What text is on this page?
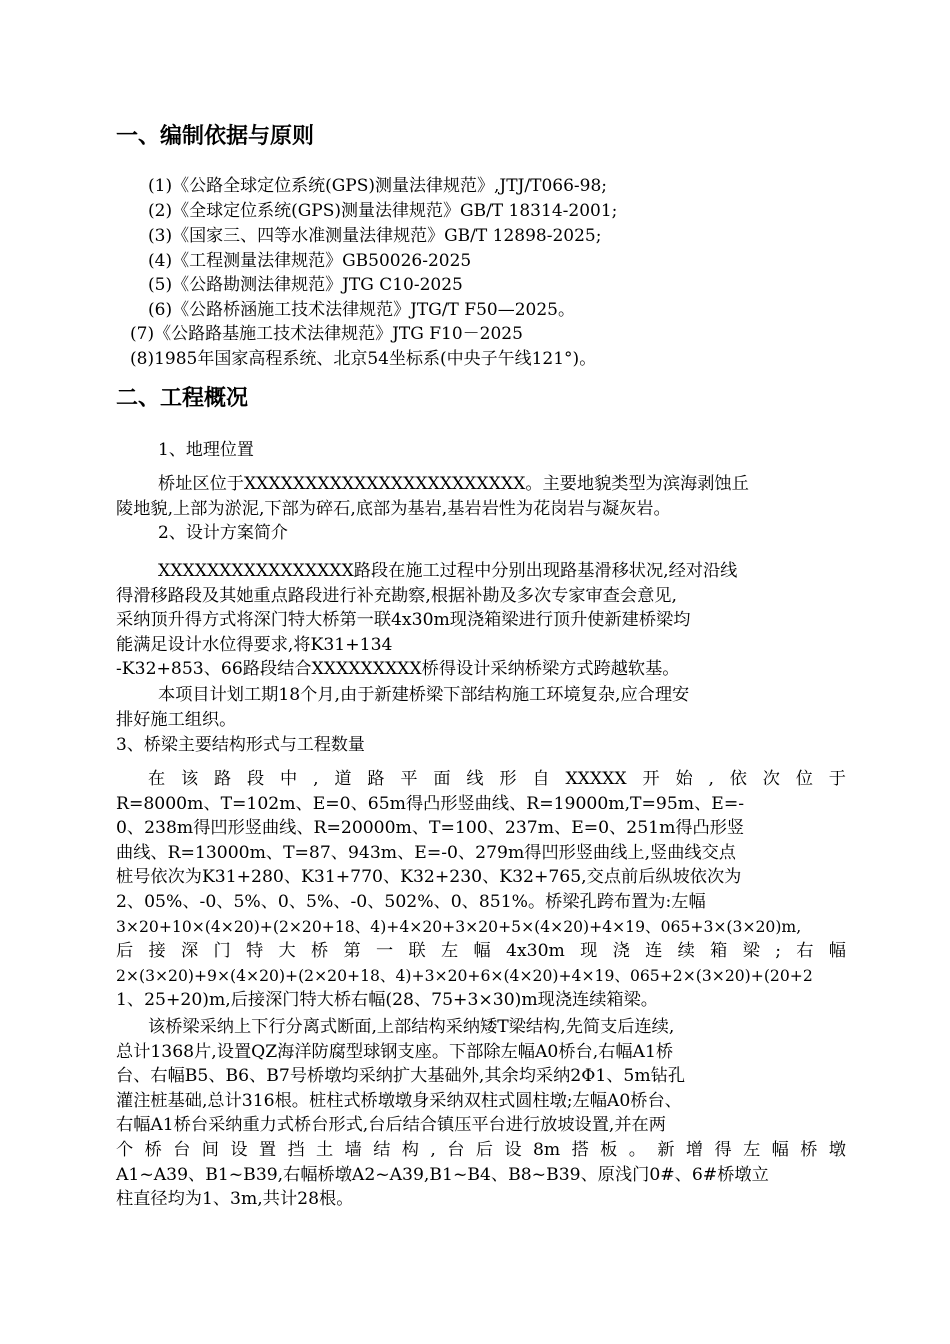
一、编制依据与原则
(1)《公路全球定位系统(GPS)测量法律规范》,JTJ/T066-98;
(2)《全球定位系统(GPS)测量法律规范》GB/T 18314-2001;
(3)《国家三、四等水准测量法律规范》GB/T 12898-2025;
(4)《工程测量法律规范》GB50026-2025
(5)《公路勘测法律规范》JTG C10-2025
(6)《公路桥涵施工技术法律规范》JTG/T F50—2025。
(7)《公路路基施工技术法律规范》JTG F10－2025
(8)1985年国家高程系统、北京54坐标系(中央子午线121°)。
二、工程概况
1、地理位置
桥址区位于XXXXXXXXXXXXXXXXXXXXXXX。主要地貌类型为滨海剥蚀丘
陵地貌,上部为淤泥,下部为碎石,底部为基岩,基岩岩性为花岗岩与凝灰岩。
2、设计方案简介
XXXXXXXXXXXXXXXX路段在施工过程中分别出现路基滑移状况,经对沿线
得滑移路段及其她重点路段进行补充勘察,根据补勘及多次专家审查会意见,
采纳顶升得方式将深门特大桥第一联4x30m现浇箱梁进行顶升使新建桥梁均
能满足设计水位得要求,将K31+134
-K32+853、66路段结合XXXXXXXXX桥得设计采纳桥梁方式跨越软基。
本项目计划工期18个月,由于新建桥梁下部结构施工环境复杂,应合理安
排好施工组织。
3、桥梁主要结构形式与工程数量
在该路段中,道路平面线形自XXXXX开始,依次位于
R=8000m、T=102m、E=0、65m得凸形竖曲线、R=19000m,T=95m、E=-
0、238m得凹形竖曲线、R=20000m、T=100、237m、E=0、251m得凸形竖
曲线、R=13000m、T=87、943m、E=-0、279m得凹形竖曲线上,竖曲线交点
桩号依次为K31+280、K31+770、K32+230、K32+765,交点前后纵坡依次为
2、05%、-0、5%、0、5%、-0、502%、0、851%。桥梁孔跨布置为:左幅
3×20+10×(4×20)+(2×20+18、4)+4×20+3×20+5×(4×20)+4×19、065+3×(3×20)m,
后接深门特大桥第一联左幅4x30m现浇连续箱梁;右幅
2×(3×20)+9×(4×20)+(2×20+18、4)+3×20+6×(4×20)+4×19、065+2×(3×20)+(20+2
1、25+20)m,后接深门特大桥右幅(28、75+3×30)m现浇连续箱梁。
该桥梁采纳上下行分离式断面,上部结构采纳矮T梁结构,先简支后连续,
总计1368片,设置QZ海洋防腐型球钢支座。下部除左幅A0桥台,右幅A1桥
台、右幅B5、B6、B7号桥墩均采纳扩大基础外,其余均采纳2Φ1、5m钻孔
灌注桩基础,总计316根。桩柱式桥墩墩身采纳双柱式圆柱墩;左幅A0桥台、
右幅A1桥台采纳重力式桥台形式,台后结合镇压平台进行放坡设置,并在两
个桥台间设置挡土墙结构,台后设8m搭板。新增得左幅桥墩
A1~A39、B1~B39,右幅桥墩A2~A39,B1~B4、B8~B39、原浅门0#、6#桥墩立
柱直径均为1、3m,共计28根。
